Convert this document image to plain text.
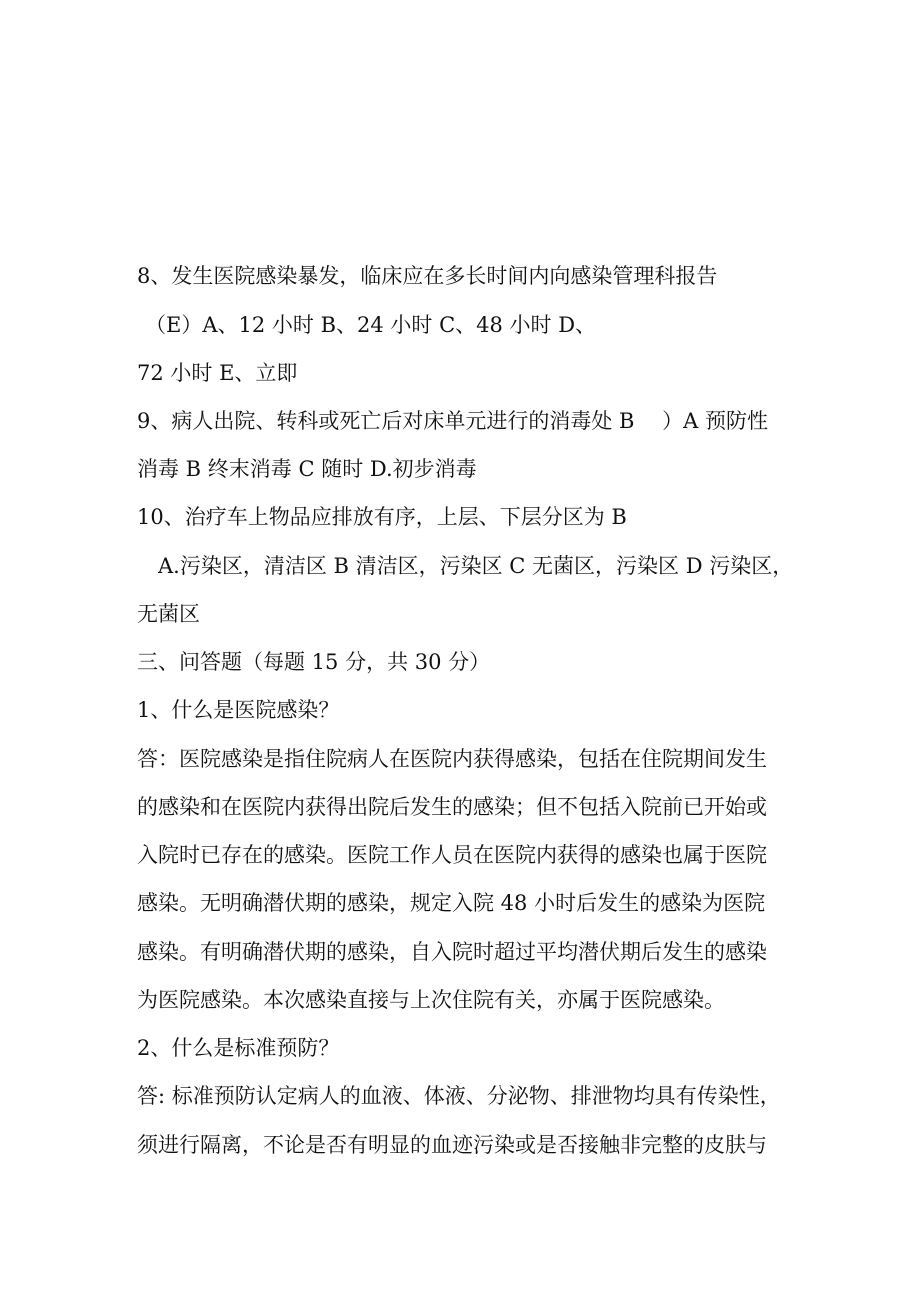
8、发生医院感染暴发，临床应在多长时间内向感染管理科报告
（E）A、12 小时 B、24 小时 C、48 小时 D、
72 小时 E、立即
9、病人出院、转科或死亡后对床单元进行的消毒处 B　 ）A 预防性
消毒 B 终末消毒 C 随时 D.初步消毒
10、治疗车上物品应排放有序，上层、下层分区为 B
A.污染区，清洁区 B 清洁区，污染区 C 无菌区，污染区 D 污染区，
无菌区
三、问答题（每题 15 分，共 30 分）
1、什么是医院感染？
答：医院感染是指住院病人在医院内获得感染，包括在住院期间发生
的感染和在医院内获得出院后发生的感染；但不包括入院前已开始或
入院时已存在的感染。医院工作人员在医院内获得的感染也属于医院
感染。无明确潜伏期的感染，规定入院 48 小时后发生的感染为医院
感染。有明确潜伏期的感染，自入院时超过平均潜伏期后发生的感染
为医院感染。本次感染直接与上次住院有关，亦属于医院感染。
2、什么是标准预防？
答: 标准预防认定病人的血液、体液、分泌物、排泄物均具有传染性，
须进行隔离，不论是否有明显的血迹污染或是否接触非完整的皮肤与
